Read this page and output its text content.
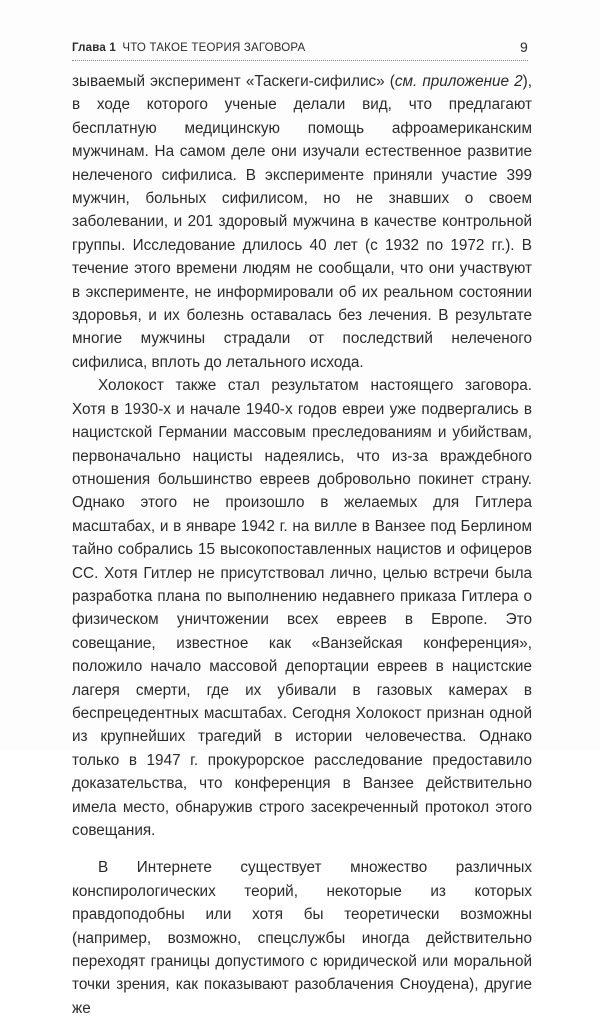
Глава 1 ЧТО ТАКОЕ ТЕОРИЯ ЗАГОВОРА	9

зываемый эксперимент «Таскеги-сифилис» (см. приложение 2), в ходе которого ученые делали вид, что предлагают бесплатную медицинскую помощь афроамериканским мужчинам. На самом деле они изучали естественное развитие нелеченого сифилиса. В эксперименте приняли участие 399 мужчин, больных сифилисом, но не знавших о своем заболевании, и 201 здоровый мужчина в качестве контрольной группы. Исследование длилось 40 лет (с 1932 по 1972 гг.). В течение этого времени людям не сообщали, что они участвуют в эксперименте, не информировали об их реальном состоянии здоровья, и их болезнь оставалась без лечения. В результате многие мужчины страдали от последствий нелеченого сифилиса, вплоть до летального исхода.

Холокост также стал результатом настоящего заговора. Хотя в 1930-х и начале 1940-х годов евреи уже подвергались в нацистской Германии массовым преследованиям и убийствам, первоначально нацисты надеялись, что из-за враждебного отношения большинство евреев добровольно покинет страну. Однако этого не произошло в желаемых для Гитлера масштабах, и в январе 1942 г. на вилле в Ванзее под Берлином тайно собрались 15 высокопоставленных нацистов и офицеров СС. Хотя Гитлер не присутствовал лично, целью встречи была разработка плана по выполнению недавнего приказа Гитлера о физическом уничтожении всех евреев в Европе. Это совещание, известное как «Ванзейская конференция», положило начало массовой депортации евреев в нацистские лагеря смерти, где их убивали в газовых камерах в беспрецедентных масштабах. Сегодня Холокост признан одной из крупнейших трагедий в истории человечества. Однако только в 1947 г. прокурорское расследование предоставило доказательства, что конференция в Ванзее действительно имела место, обнаружив строго засекреченный протокол этого совещания.

В Интернете существует множество различных конспирологических теорий, некоторые из которых правдоподобны или хотя бы теоретически возможны (например, возможно, спецслужбы иногда действительно переходят границы допустимого с юридической или моральной точки зрения, как показывают разоблачения Сноудена), другие же
